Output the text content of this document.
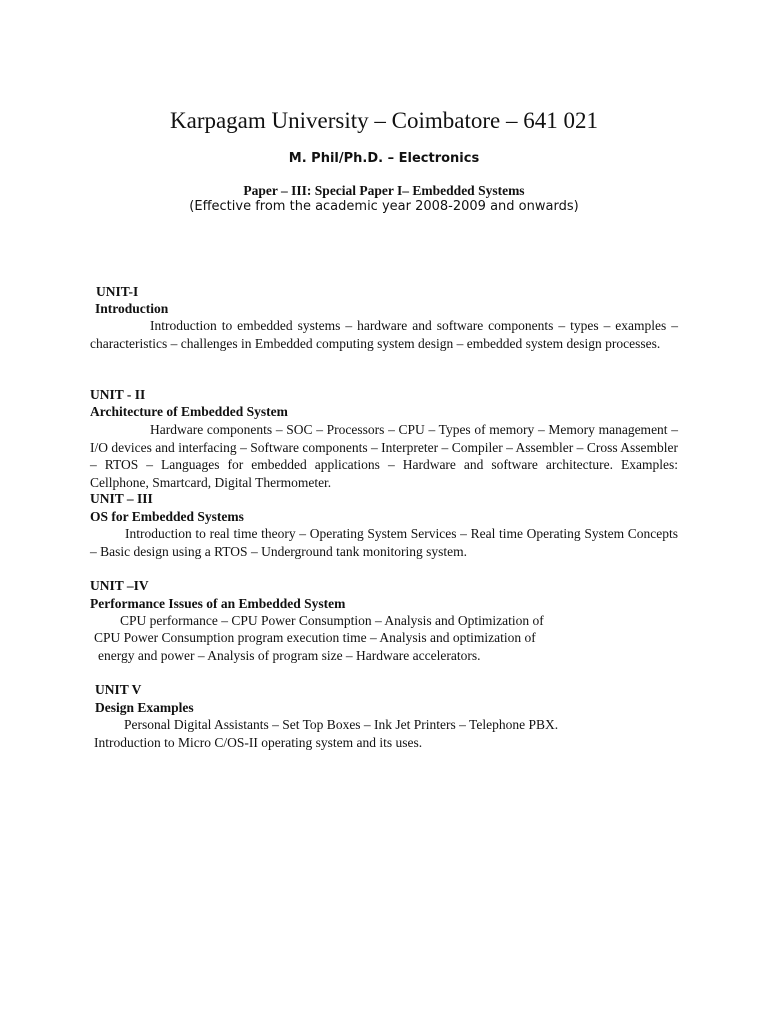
Karpagam University – Coimbatore – 641 021
M. Phil/Ph.D. – Electronics
Paper – III: Special Paper I– Embedded Systems
(Effective from the academic year 2008-2009 and onwards)
UNIT-I
Introduction
Introduction to embedded systems – hardware and software components – types – examples – characteristics – challenges in Embedded computing system design – embedded system design processes.
UNIT - II
Architecture of Embedded System
Hardware components – SOC – Processors – CPU – Types of memory – Memory management – I/O devices and interfacing – Software components – Interpreter – Compiler – Assembler – Cross Assembler – RTOS – Languages for embedded applications – Hardware and software architecture. Examples: Cellphone, Smartcard, Digital Thermometer.
UNIT – III
OS for Embedded Systems
Introduction to real time theory – Operating System Services – Real time Operating System Concepts – Basic design using a RTOS – Underground tank monitoring system.
UNIT –IV
Performance Issues of an Embedded System
CPU performance – CPU Power Consumption – Analysis and Optimization of
CPU Power Consumption program execution time – Analysis and optimization of
energy and power – Analysis of program size – Hardware accelerators.
UNIT V
Design Examples
Personal Digital Assistants – Set Top Boxes – Ink Jet Printers – Telephone PBX.
Introduction to Micro C/OS-II operating system and its uses.
